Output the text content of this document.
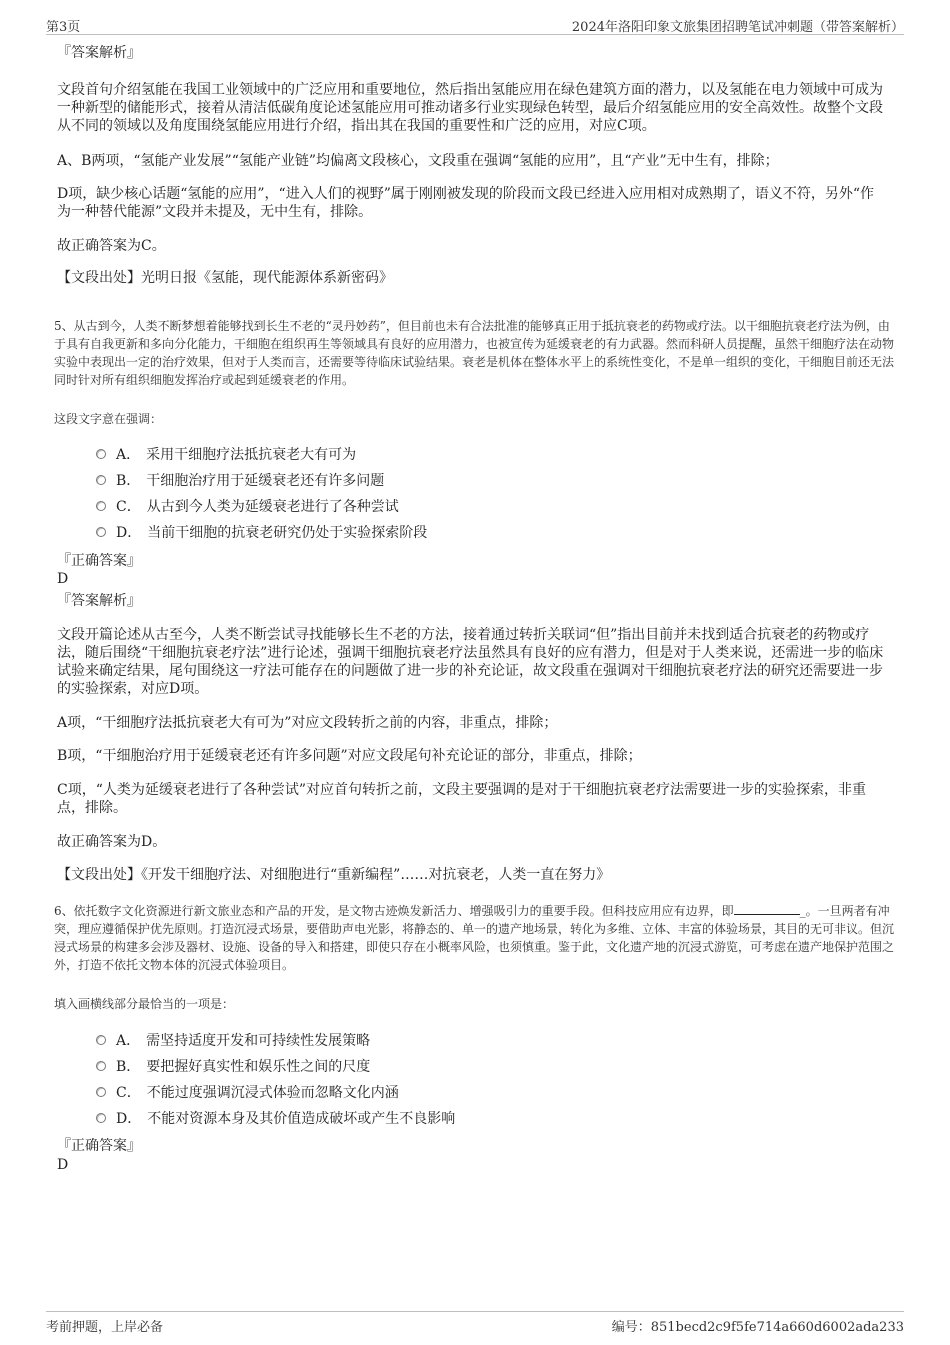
第3页	2024年洛阳印象文旅集团招聘笔试冲刺题（带答案解析）

『答案解析』

文段首句介绍氢能在我国工业领域中的广泛应用和重要地位，然后指出氢能应用在绿色建筑方面的潜力，以及氢能在电力领域中可成为一种新型的储能形式，接着从清洁低碳角度论述氢能应用可推动诸多行业实现绿色转型，最后介绍氢能应用的安全高效性。故整个文段从不同的领域以及角度围绕氢能应用进行介绍，指出其在我国的重要性和广泛的应用，对应C项。

A、B两项，“氢能产业发展”“氢能产业链”均偏离文段核心，文段重在强调“氢能的应用”，且“产业”无中生有，排除；

D项，缺少核心话题“氢能的应用”，“进入人们的视野”属于刚刚被发现的阶段而文段已经进入应用相对成熟期了，语义不符，另外“作为一种替代能源”文段并未提及，无中生有，排除。

故正确答案为C。

【文段出处】光明日报《氢能，现代能源体系新密码》

5、从古到今，人类不断梦想着能够找到长生不老的“灵丹妙药”，但目前也未有合法批准的能够真正用于抵抗衰老的药物或疗法。以干细胞抗衰老疗法为例，由于具有自我更新和多向分化能力，干细胞在组织再生等领域具有良好的应用潜力，也被宣传为延缓衰老的有力武器。然而科研人员提醒，虽然干细胞疗法在动物实验中表现出一定的治疗效果，但对于人类而言，还需要等待临床试验结果。衰老是机体在整体水平上的系统性变化，不是单一组织的变化，干细胞目前还无法同时针对所有组织细胞发挥治疗或起到延缓衰老的作用。

这段文字意在强调：

A． 采用干细胞疗法抵抗衰老大有可为
B． 干细胞治疗用于延缓衰老还有许多问题
C． 从古到今人类为延缓衰老进行了各种尝试
D． 当前干细胞的抗衰老研究仍处于实验探索阶段

『正确答案』

D

『答案解析』

文段开篇论述从古至今，人类不断尝试寻找能够长生不老的方法，接着通过转折关联词“但”指出目前并未找到适合抗衰老的药物或疗法，随后围绕“干细胞抗衰老疗法”进行论述，强调干细胞抗衰老疗法虽然具有良好的应有潜力，但是对于人类来说，还需进一步的临床试验来确定结果，尾句围绕这一疗法可能存在的问题做了进一步的补充论证，故文段重在强调对干细胞抗衰老疗法的研究还需要进一步的实验探索，对应D项。

A项，“干细胞疗法抵抗衰老大有可为”对应文段转折之前的内容，非重点，排除；

B项，“干细胞治疗用于延缓衰老还有许多问题”对应文段尾句补充论证的部分，非重点，排除；

C项，“人类为延缓衰老进行了各种尝试”对应首句转折之前，文段主要强调的是对于干细胞抗衰老疗法需要进一步的实验探索，非重点，排除。

故正确答案为D。

【文段出处】《开发干细胞疗法、对细胞进行“重新编程”……对抗衰老，人类一直在努力》

6、依托数字文化资源进行新文旅业态和产品的开发，是文物古迹焕发新活力、增强吸引力的重要手段。但科技应用应有边界，即	_。一旦两者有冲突，理应遵循保护优先原则。打造沉浸式场景，要借助声电光影，将静态的、单一的遗产地场景，转化为多维、立体、丰富的体验场景，其目的无可非议。但沉浸式场景的构建多会涉及器材、设施、设备的导入和搭建，即使只存在小概率风险，也须慎重。鉴于此，文化遗产地的沉浸式游览，可考虑在遗产地保护范围之外，打造不依托文物本体的沉浸式体验项目。

填入画横线部分最恰当的一项是：

A． 需坚持适度开发和可持续性发展策略
B． 要把握好真实性和娱乐性之间的尺度
C． 不能过度强调沉浸式体验而忽略文化内涵
D． 不能对资源本身及其价值造成破坏或产生不良影响

『正确答案』

D

考前押题，上岸必备	编号：851becd2c9f5fe714a660d6002ada233
